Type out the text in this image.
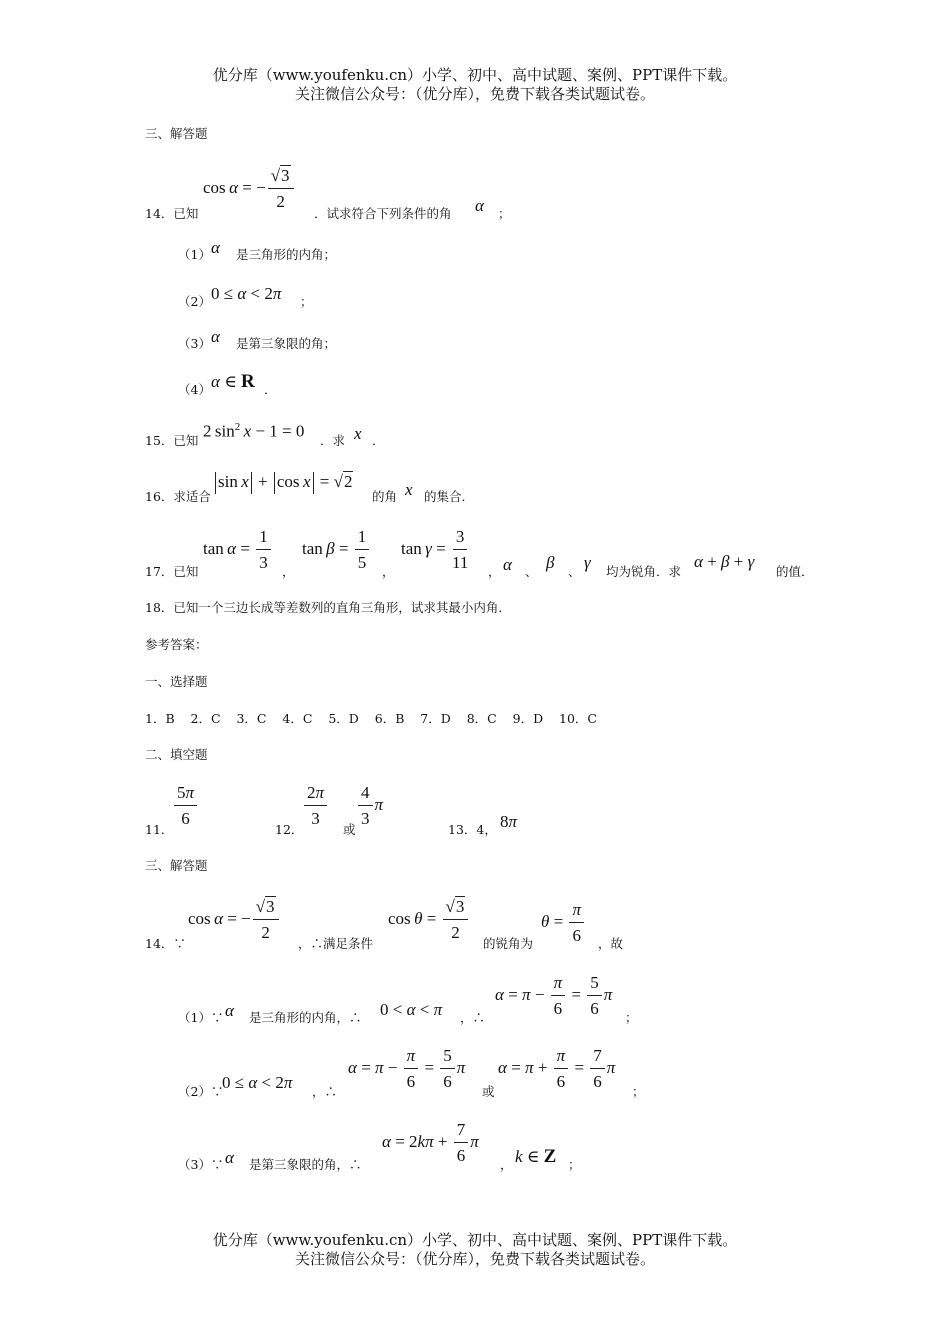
优分库（www.youfenku.cn）小学、初中、高中试题、案例、PPT课件下载。
关注微信公众号：（优分库），免费下载各类试题试卷。
三、解答题
cos α = − $\frac{√3}{2}$
14．已知	．试求符合下列条件的角 α ；
（1） α 是三角形的内角；
（2） 0 ≤ α < 2π ；
（3） α 是第三象限的角；
（4） α ∈ R ．
15．已知 2 $\sin^2 x - 1 = 0$ ．求 x ．
16．求适合
sin x + cos x = √2
的角 x 的集合．
$\tan \alpha = \frac{1}{3}$ ，
$\tan \beta = \frac{1}{5}$ ，
$\tan \gamma = \frac{3}{11}$
17．已知	， α 、 β 、 γ 均为锐角．求
α + β + γ
的值．
18．已知一个三边长成等差数列的直角三角形，试求其最小内角．
参考答案：
一、选择题
1．B 2．C 3．C 4．C 5．D 6．B 7．D 8．C 9．D 10．C
二、填空题
11．
$\frac{5\pi}{6}$
12．
$\frac{2\pi}{3}$
或
$\frac{4}{3}$ π
13．4， 8π
三、解答题
14．∵
cos α = − $\frac{√3}{2}$
，∴满足条件
$\cos \theta = \frac{√3}{2}$
的锐角为
$\theta = \frac{\pi}{6}$ ，故
（1）∵ α 是三角形的内角，∴ 0 < α < π ，∴
$\alpha = \pi - \frac{\pi}{6} = \frac{5}{6}$ π
；
（2）∵
0 ≤ α < 2π ，∴
$\alpha = \pi - \frac{\pi}{6} = \frac{5}{6}$ π
或
$\alpha = \pi + \frac{\pi}{6} = \frac{7}{6}$ π
；
（3）∵ α 是第三象限的角，∴
$\alpha = 2k\pi + \frac{7}{6}$ π
， k ∈ Z ；
优分库（www.youfenku.cn）小学、初中、高中试题、案例、PPT课件下载。
关注微信公众号：（优分库），免费下载各类试题试卷。
